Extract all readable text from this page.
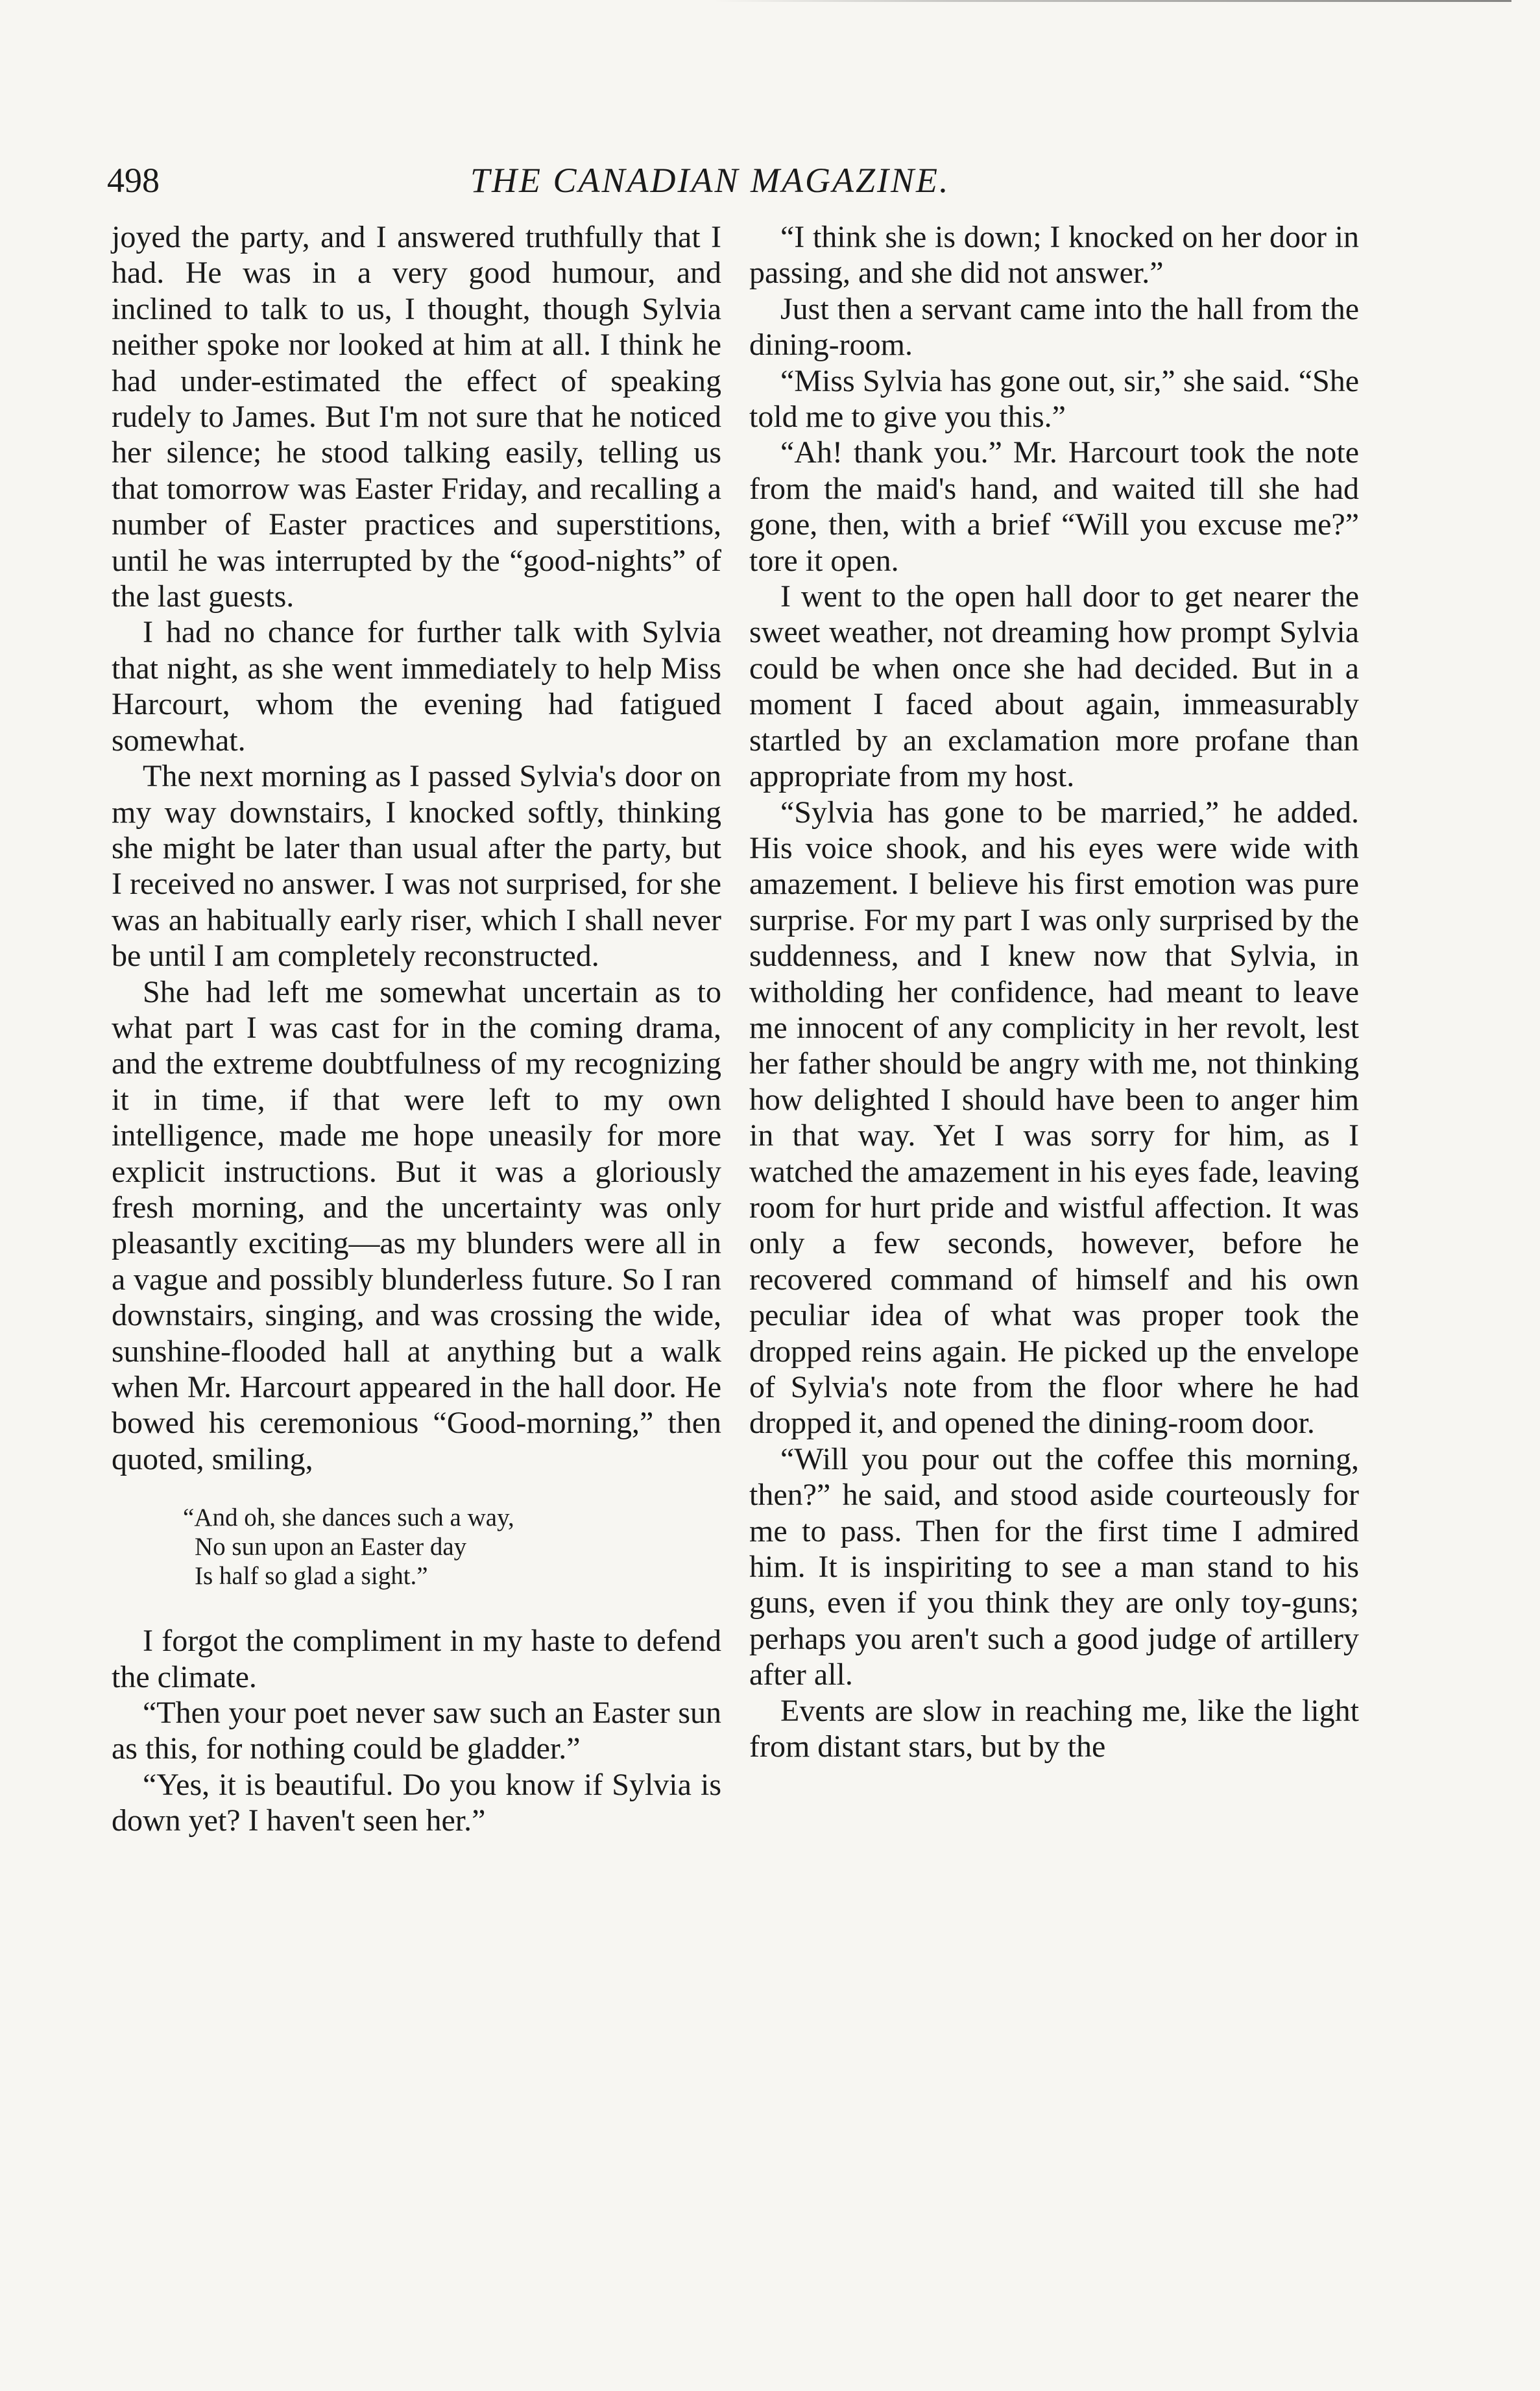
498	THE CANADIAN MAGAZINE.

joyed the party, and I answered truthfully that I had. He was in a very good humour, and inclined to talk to us, I thought, though Sylvia neither spoke nor looked at him at all. I think he had under-estimated the effect of speaking rudely to James. But I'm not sure that he noticed her silence; he stood talking easily, telling us that tomorrow was Easter Friday, and recalling a number of Easter practices and superstitions, until he was interrupted by the “good-nights” of the last guests.

I had no chance for further talk with Sylvia that night, as she went immediately to help Miss Harcourt, whom the evening had fatigued somewhat.

The next morning as I passed Sylvia's door on my way downstairs, I knocked softly, thinking she might be later than usual after the party, but I received no answer. I was not surprised, for she was an habitually early riser, which I shall never be until I am completely reconstructed.

She had left me somewhat uncertain as to what part I was cast for in the coming drama, and the extreme doubtfulness of my recognizing it in time, if that were left to my own intelligence, made me hope uneasily for more explicit instructions. But it was a gloriously fresh morning, and the uncertainty was only pleasantly exciting—as my blunders were all in a vague and possibly blunderless future. So I ran downstairs, singing, and was crossing the wide, sunshine-flooded hall at anything but a walk when Mr. Harcourt appeared in the hall door. He bowed his ceremonious “Good-morning,” then quoted, smiling,

“And oh, she dances such a way,
No sun upon an Easter day
Is half so glad a sight.”

I forgot the compliment in my haste to defend the climate.

“Then your poet never saw such an Easter sun as this, for nothing could be gladder.”

“Yes, it is beautiful. Do you know if Sylvia is down yet? I haven't seen her.”

“I think she is down; I knocked on her door in passing, and she did not answer.”

Just then a servant came into the hall from the dining-room.

“Miss Sylvia has gone out, sir,” she said. “She told me to give you this.”

“Ah! thank you.” Mr. Harcourt took the note from the maid's hand, and waited till she had gone, then, with a brief “Will you excuse me?” tore it open.

I went to the open hall door to get nearer the sweet weather, not dreaming how prompt Sylvia could be when once she had decided. But in a moment I faced about again, immeasurably startled by an exclamation more profane than appropriate from my host.

“Sylvia has gone to be married,” he added. His voice shook, and his eyes were wide with amazement. I believe his first emotion was pure surprise. For my part I was only surprised by the suddenness, and I knew now that Sylvia, in witholding her confidence, had meant to leave me innocent of any complicity in her revolt, lest her father should be angry with me, not thinking how delighted I should have been to anger him in that way. Yet I was sorry for him, as I watched the amazement in his eyes fade, leaving room for hurt pride and wistful affection. It was only a few seconds, however, before he recovered command of himself and his own peculiar idea of what was proper took the dropped reins again. He picked up the envelope of Sylvia's note from the floor where he had dropped it, and opened the dining-room door.

“Will you pour out the coffee this morning, then?” he said, and stood aside courteously for me to pass. Then for the first time I admired him. It is inspiriting to see a man stand to his guns, even if you think they are only toy-guns; perhaps you aren't such a good judge of artillery after all.

Events are slow in reaching me, like the light from distant stars, but by the
